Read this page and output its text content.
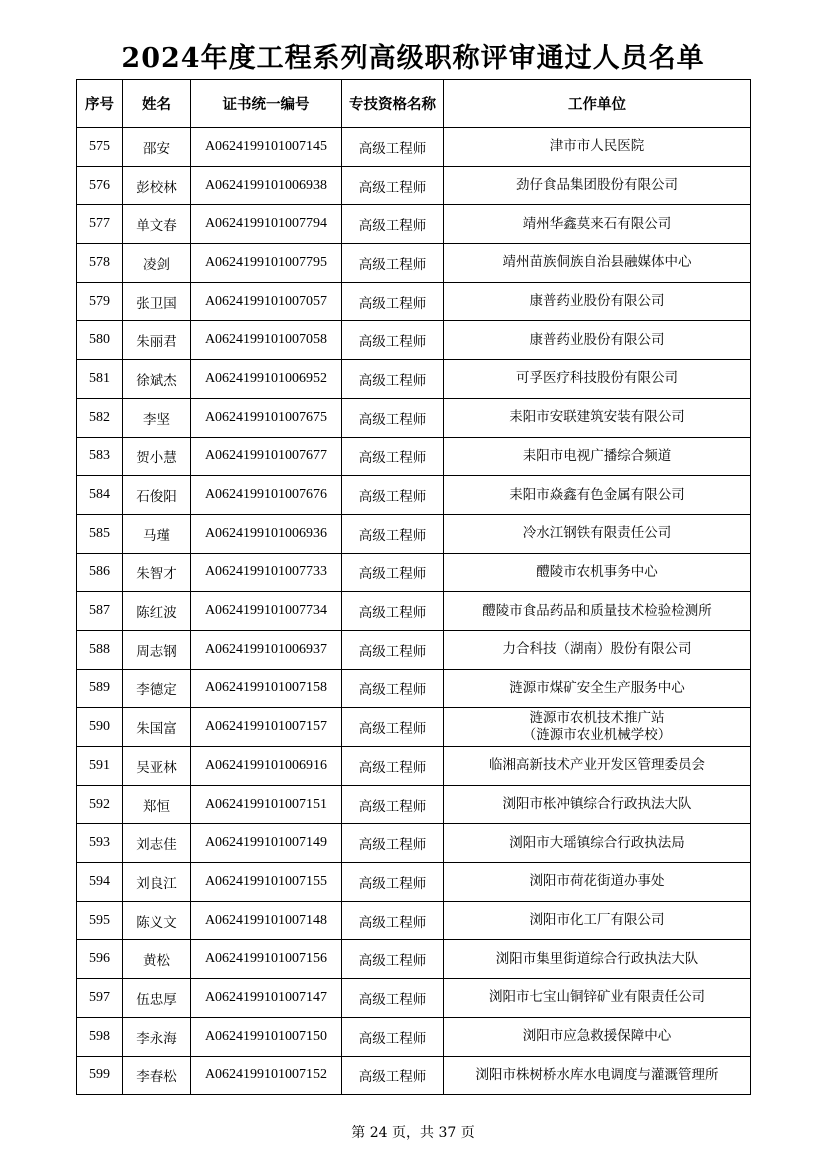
2024年度工程系列高级职称评审通过人员名单
序号	姓名	证书统一编号	专技资格名称	工作单位
575	邵安	A0624199101007145	高级工程师	津市市人民医院
576	彭校林	A0624199101006938	高级工程师	劲仔食品集团股份有限公司
577	单文春	A0624199101007794	高级工程师	靖州华鑫莫来石有限公司
578	凌剑	A0624199101007795	高级工程师	靖州苗族侗族自治县融媒体中心
579	张卫国	A0624199101007057	高级工程师	康普药业股份有限公司
580	朱丽君	A0624199101007058	高级工程师	康普药业股份有限公司
581	徐斌杰	A0624199101006952	高级工程师	可孚医疗科技股份有限公司
582	李坚	A0624199101007675	高级工程师	耒阳市安联建筑安装有限公司
583	贺小慧	A0624199101007677	高级工程师	耒阳市电视广播综合频道
584	石俊阳	A0624199101007676	高级工程师	耒阳市焱鑫有色金属有限公司
585	马瑾	A0624199101006936	高级工程师	冷水江钢铁有限责任公司
586	朱智才	A0624199101007733	高级工程师	醴陵市农机事务中心
587	陈红波	A0624199101007734	高级工程师	醴陵市食品药品和质量技术检验检测所
588	周志钢	A0624199101006937	高级工程师	力合科技（湖南）股份有限公司
589	李德定	A0624199101007158	高级工程师	涟源市煤矿安全生产服务中心
590	朱国富	A0624199101007157	高级工程师	涟源市农机技术推广站
（涟源市农业机械学校）

591	吴亚林	A0624199101006916	高级工程师	临湘高新技术产业开发区管理委员会
592	郑恒	A0624199101007151	高级工程师	浏阳市枨冲镇综合行政执法大队
593	刘志佳	A0624199101007149	高级工程师	浏阳市大瑶镇综合行政执法局
594	刘良江	A0624199101007155	高级工程师	浏阳市荷花街道办事处
595	陈义文	A0624199101007148	高级工程师	浏阳市化工厂有限公司
596	黄松	A0624199101007156	高级工程师	浏阳市集里街道综合行政执法大队
597	伍忠厚	A0624199101007147	高级工程师	浏阳市七宝山铜锌矿业有限责任公司
598	李永海	A0624199101007150	高级工程师	浏阳市应急救援保障中心
599	李春松	A0624199101007152	高级工程师	浏阳市株树桥水库水电调度与灌溉管理所

第 24 页，共 37 页
